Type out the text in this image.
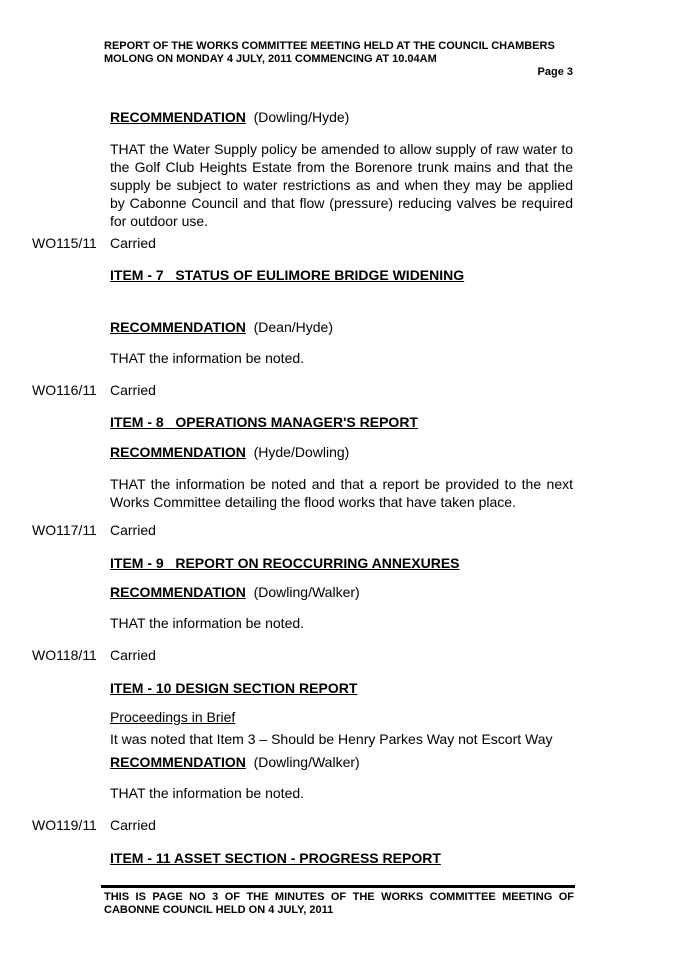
REPORT OF THE WORKS COMMITTEE MEETING HELD AT THE COUNCIL CHAMBERS
MOLONG ON MONDAY 4 JULY, 2011 COMMENCING AT 10.04AM
Page 3
RECOMMENDATION (Dowling/Hyde)
THAT the Water Supply policy be amended to allow supply of raw water to the Golf Club Heights Estate from the Borenore trunk mains and that the supply be subject to water restrictions as and when they may be applied by Cabonne Council and that flow (pressure) reducing valves be required for outdoor use.
WO115/11 Carried
ITEM - 7   STATUS OF EULIMORE BRIDGE WIDENING
RECOMMENDATION (Dean/Hyde)
THAT the information be noted.
WO116/11 Carried
ITEM - 8   OPERATIONS MANAGER'S REPORT
RECOMMENDATION (Hyde/Dowling)
THAT the information be noted and that a report be provided to the next Works Committee detailing the flood works that have taken place.
WO117/11 Carried
ITEM - 9   REPORT ON REOCCURRING ANNEXURES
RECOMMENDATION (Dowling/Walker)
THAT the information be noted.
WO118/11 Carried
ITEM - 10 DESIGN SECTION REPORT
Proceedings in Brief
It was noted that Item 3 – Should be Henry Parkes Way not Escort Way
RECOMMENDATION (Dowling/Walker)
THAT the information be noted.
WO119/11 Carried
ITEM - 11 ASSET SECTION - PROGRESS REPORT
THIS IS PAGE NO 3 OF THE MINUTES OF THE WORKS COMMITTEE MEETING OF CABONNE COUNCIL HELD ON 4 JULY, 2011
